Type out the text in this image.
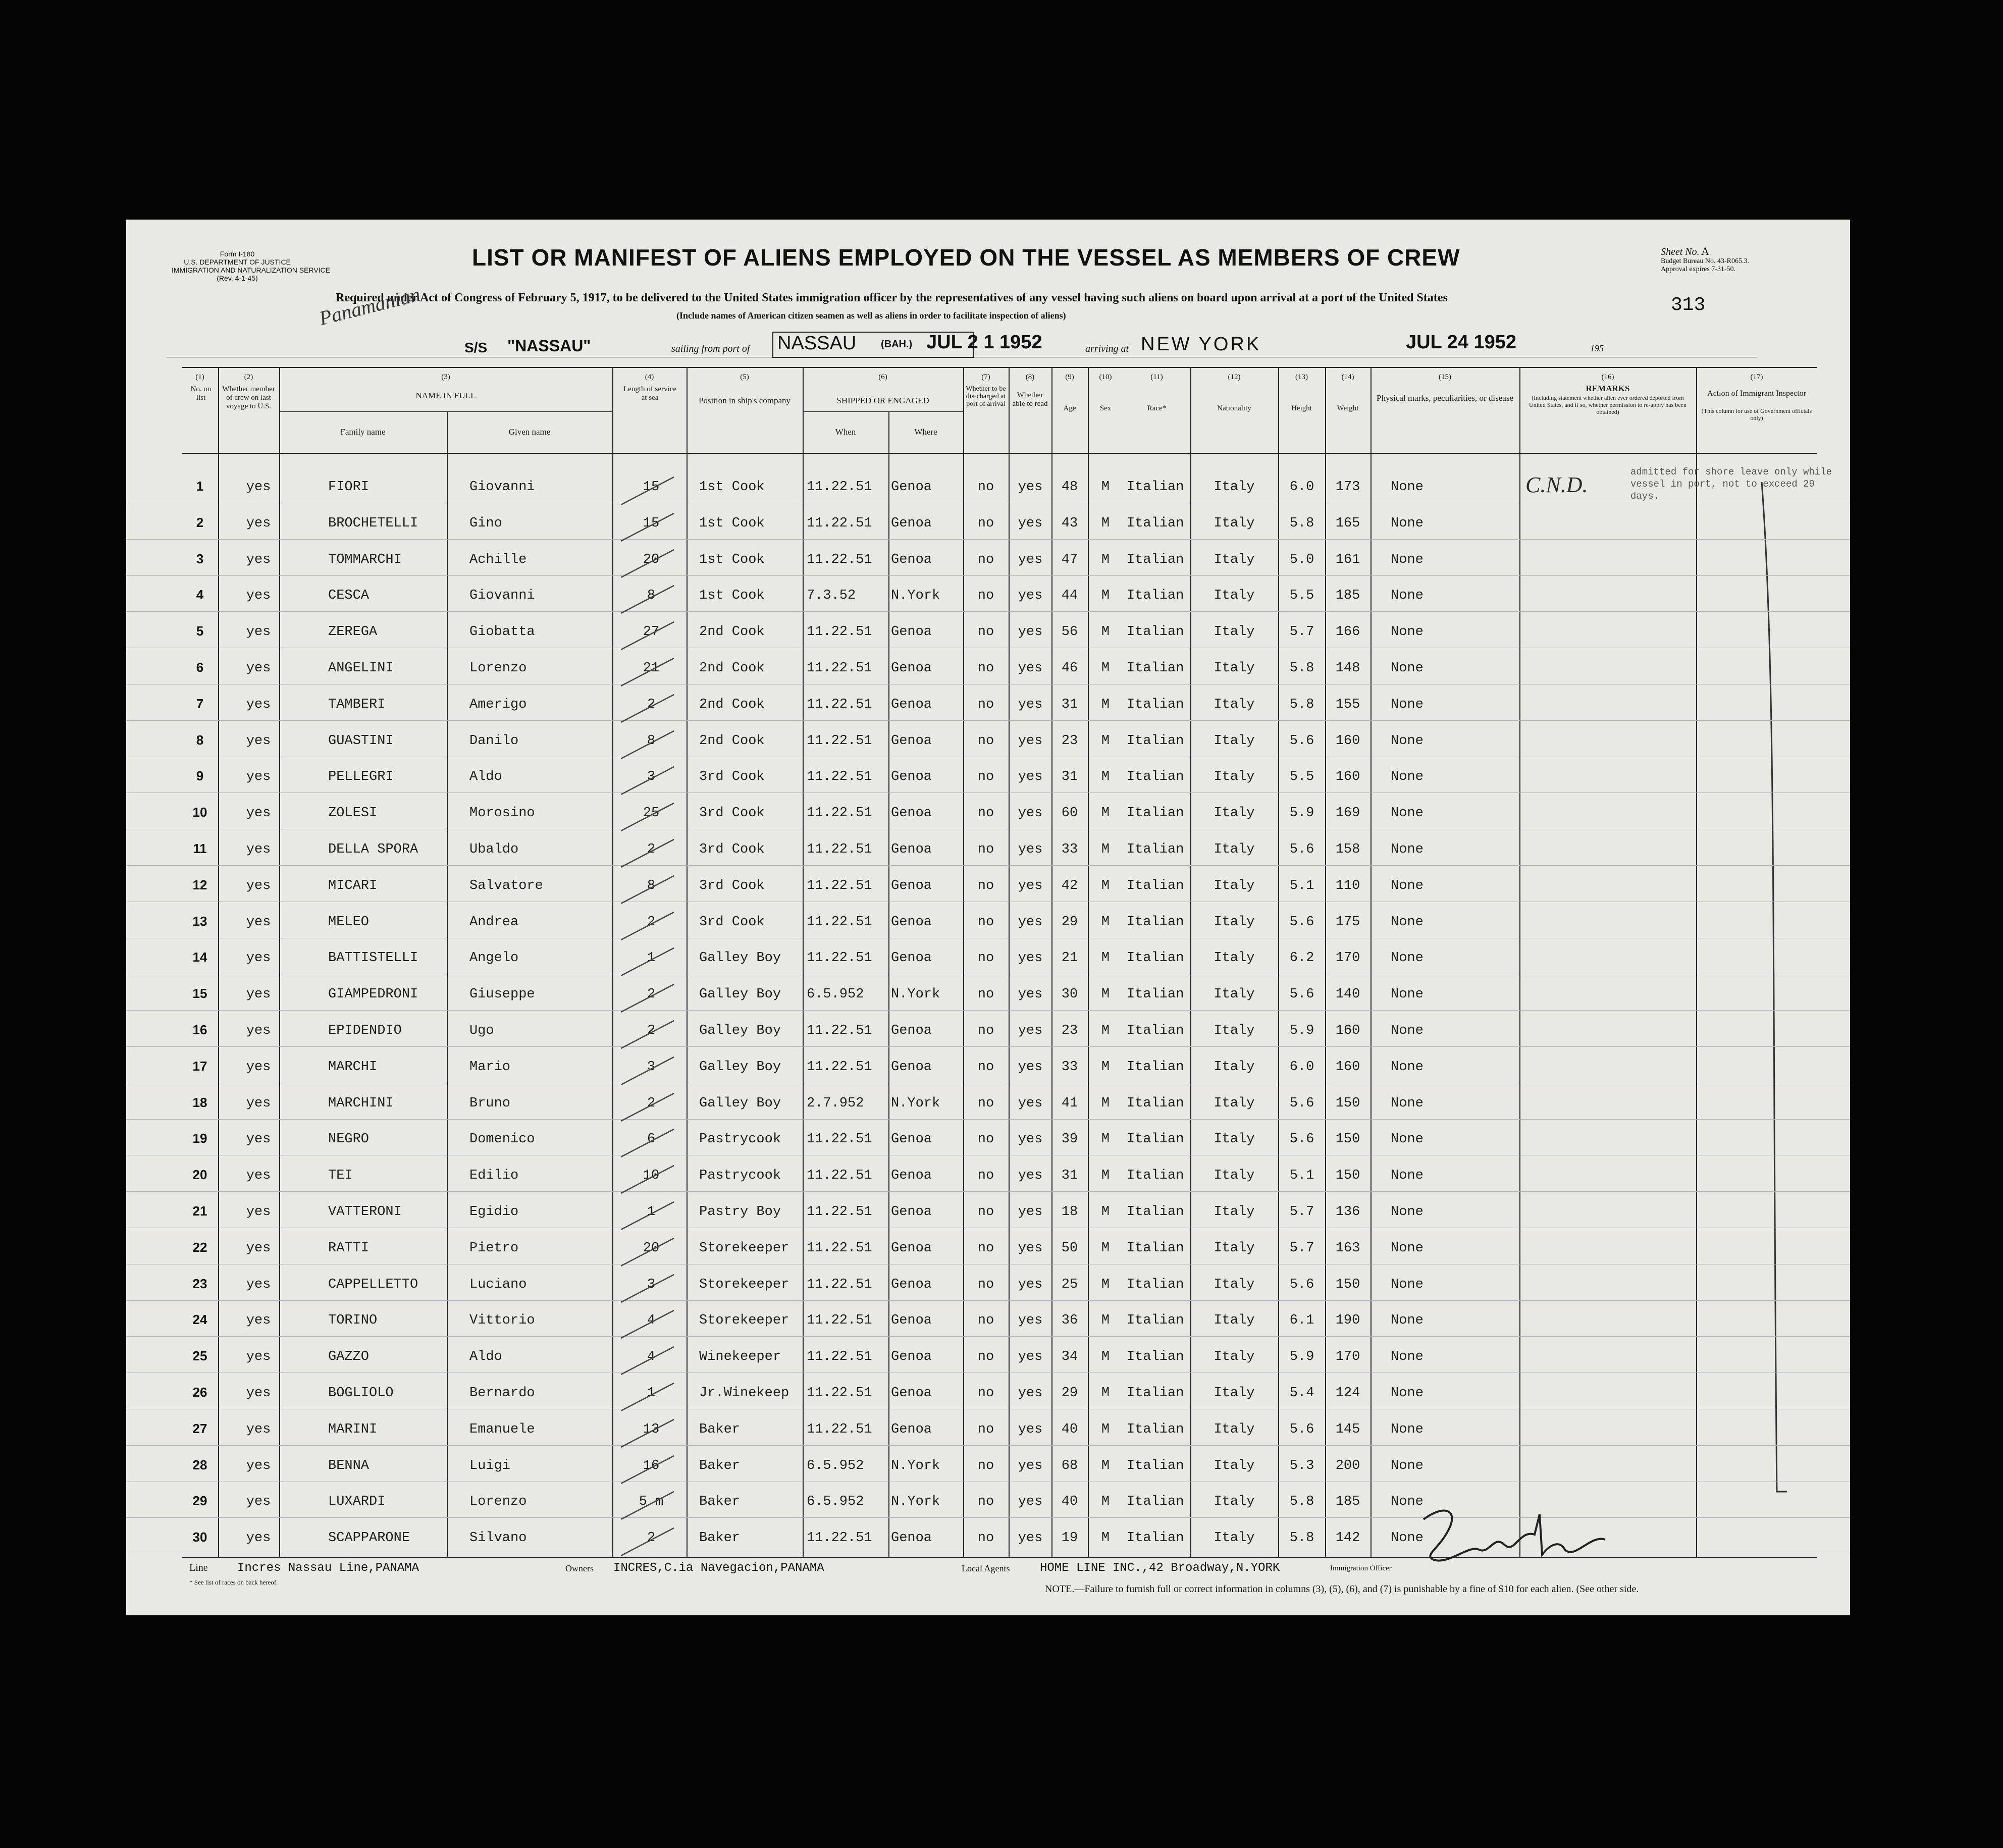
Form I-180
U.S. DEPARTMENT OF JUSTICE
IMMIGRATION AND NATURALIZATION SERVICE
(Rev. 4-1-45)
LIST OR MANIFEST OF ALIENS EMPLOYED ON THE VESSEL AS MEMBERS OF CREW	Sheet No. A
Budget Bureau No. 43-R065.3.
Approval expires 7-31-50.
313
Required under Act of Congress of February 5, 1917, to be delivered to the United States immigration officer by the representatives of any vessel having such aliens on board upon arrival at a port of the United States
(Include names of American citizen seamen as well as aliens in order to facilitate inspection of aliens)
Panamanian
S/S "NASSAU"	sailing from port of NASSAU (BAH.) JUL 2 1 1952	arriving at NEW YORK	JUL 24 1952	195
(1)
No. on list
(2)
Whether member of crew on last voyage to U.S.
(3)
NAME IN FULL
Family name	Given name
(4)
Length of service at sea
(5)
Position in ship's company
(6)
SHIPPED OR ENGAGED
When	Where
(7)
Whether to be dis-charged at port of arrival
(8)
Whether able to read
(9)
Age
(10)
Sex
(11)
Race*
(12)
Nationality
(13)
Height
(14)
Weight
(15)
Physical marks, peculiarities, or disease
(16)
REMARKS
(Including statement whether alien ever ordered deported from United States, and if so, whether permission to re-apply has been obtained)
(17)
Action of Immigrant Inspector
(This column for use of Government officials only)
C.N.D.
admitted for shore leave only while vessel in port, not to exceed 29 days.
1	yes	FIORI	Giovanni	15	1st Cook	11.22.51 Genoa	no	yes	48	M	Italian	Italy	6.0	173	None
2	yes	BROCHETELLI	Gino	15	1st Cook	11.22.51 Genoa	no	yes	43	M	Italian	Italy	5.8	165	None
3	yes	TOMMARCHI	Achille	20	1st Cook	11.22.51 Genoa	no	yes	47	M	Italian	Italy	5.0	161	None
4	yes	CESCA	Giovanni	8	1st Cook	7.3.52	N.York	no	yes	44	M	Italian	Italy	5.5	185	None
5	yes	ZEREGA	Giobatta	27	2nd Cook	11.22.51 Genoa	no	yes	56	M	Italian	Italy	5.7	166	None
6	yes	ANGELINI	Lorenzo	21	2nd Cook	11.22.51 Genoa	no	yes	46	M	Italian	Italy	5.8	148	None
7	yes	TAMBERI	Amerigo	2	2nd Cook	11.22.51 Genoa	no	yes	31	M	Italian	Italy	5.8	155	None
8	yes	GUASTINI	Danilo	8	2nd Cook	11.22.51 Genoa	no	yes	23	M	Italian	Italy	5.6	160	None
9	yes	PELLEGRI	Aldo	3	3rd Cook	11.22.51 Genoa	no	yes	31	M	Italian	Italy	5.5	160	None
10	yes	ZOLESI	Morosino	25	3rd Cook	11.22.51 Genoa	no	yes	60	M	Italian	Italy	5.9	169	None
11	yes	DELLA SPORA	Ubaldo	2	3rd Cook	11.22.51 Genoa	no	yes	33	M	Italian	Italy	5.6	158	None
12	yes	MICARI	Salvatore	8	3rd Cook	11.22.51 Genoa	no	yes	42	M	Italian	Italy	5.1	110	None
13	yes	MELEO	Andrea	2	3rd Cook	11.22.51 Genoa	no	yes	29	M	Italian	Italy	5.6	175	None
14	yes	BATTISTELLI	Angelo	1	Galley Boy 11.22.51 Genoa	no	yes	21	M	Italian	Italy	6.2	170	None
15	yes	GIAMPEDRONI	Giuseppe	2	Galley Boy 6.5.952 N.York	no	yes	30	M	Italian	Italy	5.6	140	None
16	yes	EPIDENDIO	Ugo	2	Galley Boy 11.22.51 Genoa	no	yes	23	M	Italian	Italy	5.9	160	None
17	yes	MARCHI	Mario	3	Galley Boy 11.22.51 Genoa	no	yes	33	M	Italian	Italy	6.0	160	None
18	yes	MARCHINI	Bruno	2	Galley Boy 2.7.952 N.York	no	yes	41	M	Italian	Italy	5.6	150	None
19	yes	NEGRO	Domenico	6	Pastrycook 11.22.51 Genoa	no	yes	39	M	Italian	Italy	5.6	150	None
20	yes	TEI	Edilio	10	Pastrycook 11.22.51 Genoa	no	yes	31	M	Italian	Italy	5.1	150	None
21	yes	VATTERONI	Egidio	1	Pastry Boy 11.22.51 Genoa	no	yes	18	M	Italian	Italy	5.7	136	None
22	yes	RATTI	Pietro	20	Storekeeper 11.22.51 Genoa	no	yes	50	M	Italian	Italy	5.7	163	None
23	yes	CAPPELLETTO	Luciano	3	Storekeeper 11.22.51 Genoa	no	yes	25	M	Italian	Italy	5.6	150	None
24	yes	TORINO	Vittorio	4	Storekeeper 11.22.51 Genoa	no	yes	36	M	Italian	Italy	6.1	190	None
25	yes	GAZZO	Aldo	4	Winekeeper 11.22.51 Genoa	no	yes	34	M	Italian	Italy	5.9	170	None
26	yes	BOGLIOLO	Bernardo	1	Jr.Winekeep 11.22.51 Genoa	no	yes	29	M	Italian	Italy	5.4	124	None
27	yes	MARINI	Emanuele	13	Baker	11.22.51 Genoa	no	yes	40	M	Italian	Italy	5.6	145	None
28	yes	BENNA	Luigi	16	Baker	6.5.952 N.York	no	yes	68	M	Italian	Italy	5.3	200	None
29	yes	LUXARDI	Lorenzo	5 m	Baker	6.5.952 N.York	no	yes	40	M	Italian	Italy	5.8	185	None
30	yes	SCAPPARONE	Silvano	2	Baker	11.22.51 Genoa	no	yes	19	M	Italian	Italy	5.8	142	None
Line Incres Nassau Line,PANAMA	Owners INCRES,C.ia Navegacion,PANAMA	Local Agents HOME LINE INC.,42 Broadway,N.YORK	Immigration Officer
* See list of races on back hereof.
NOTE.—Failure to furnish full or correct information in columns (3), (5), (6), and (7) is punishable by a fine of $10 for each alien. (See other side.
